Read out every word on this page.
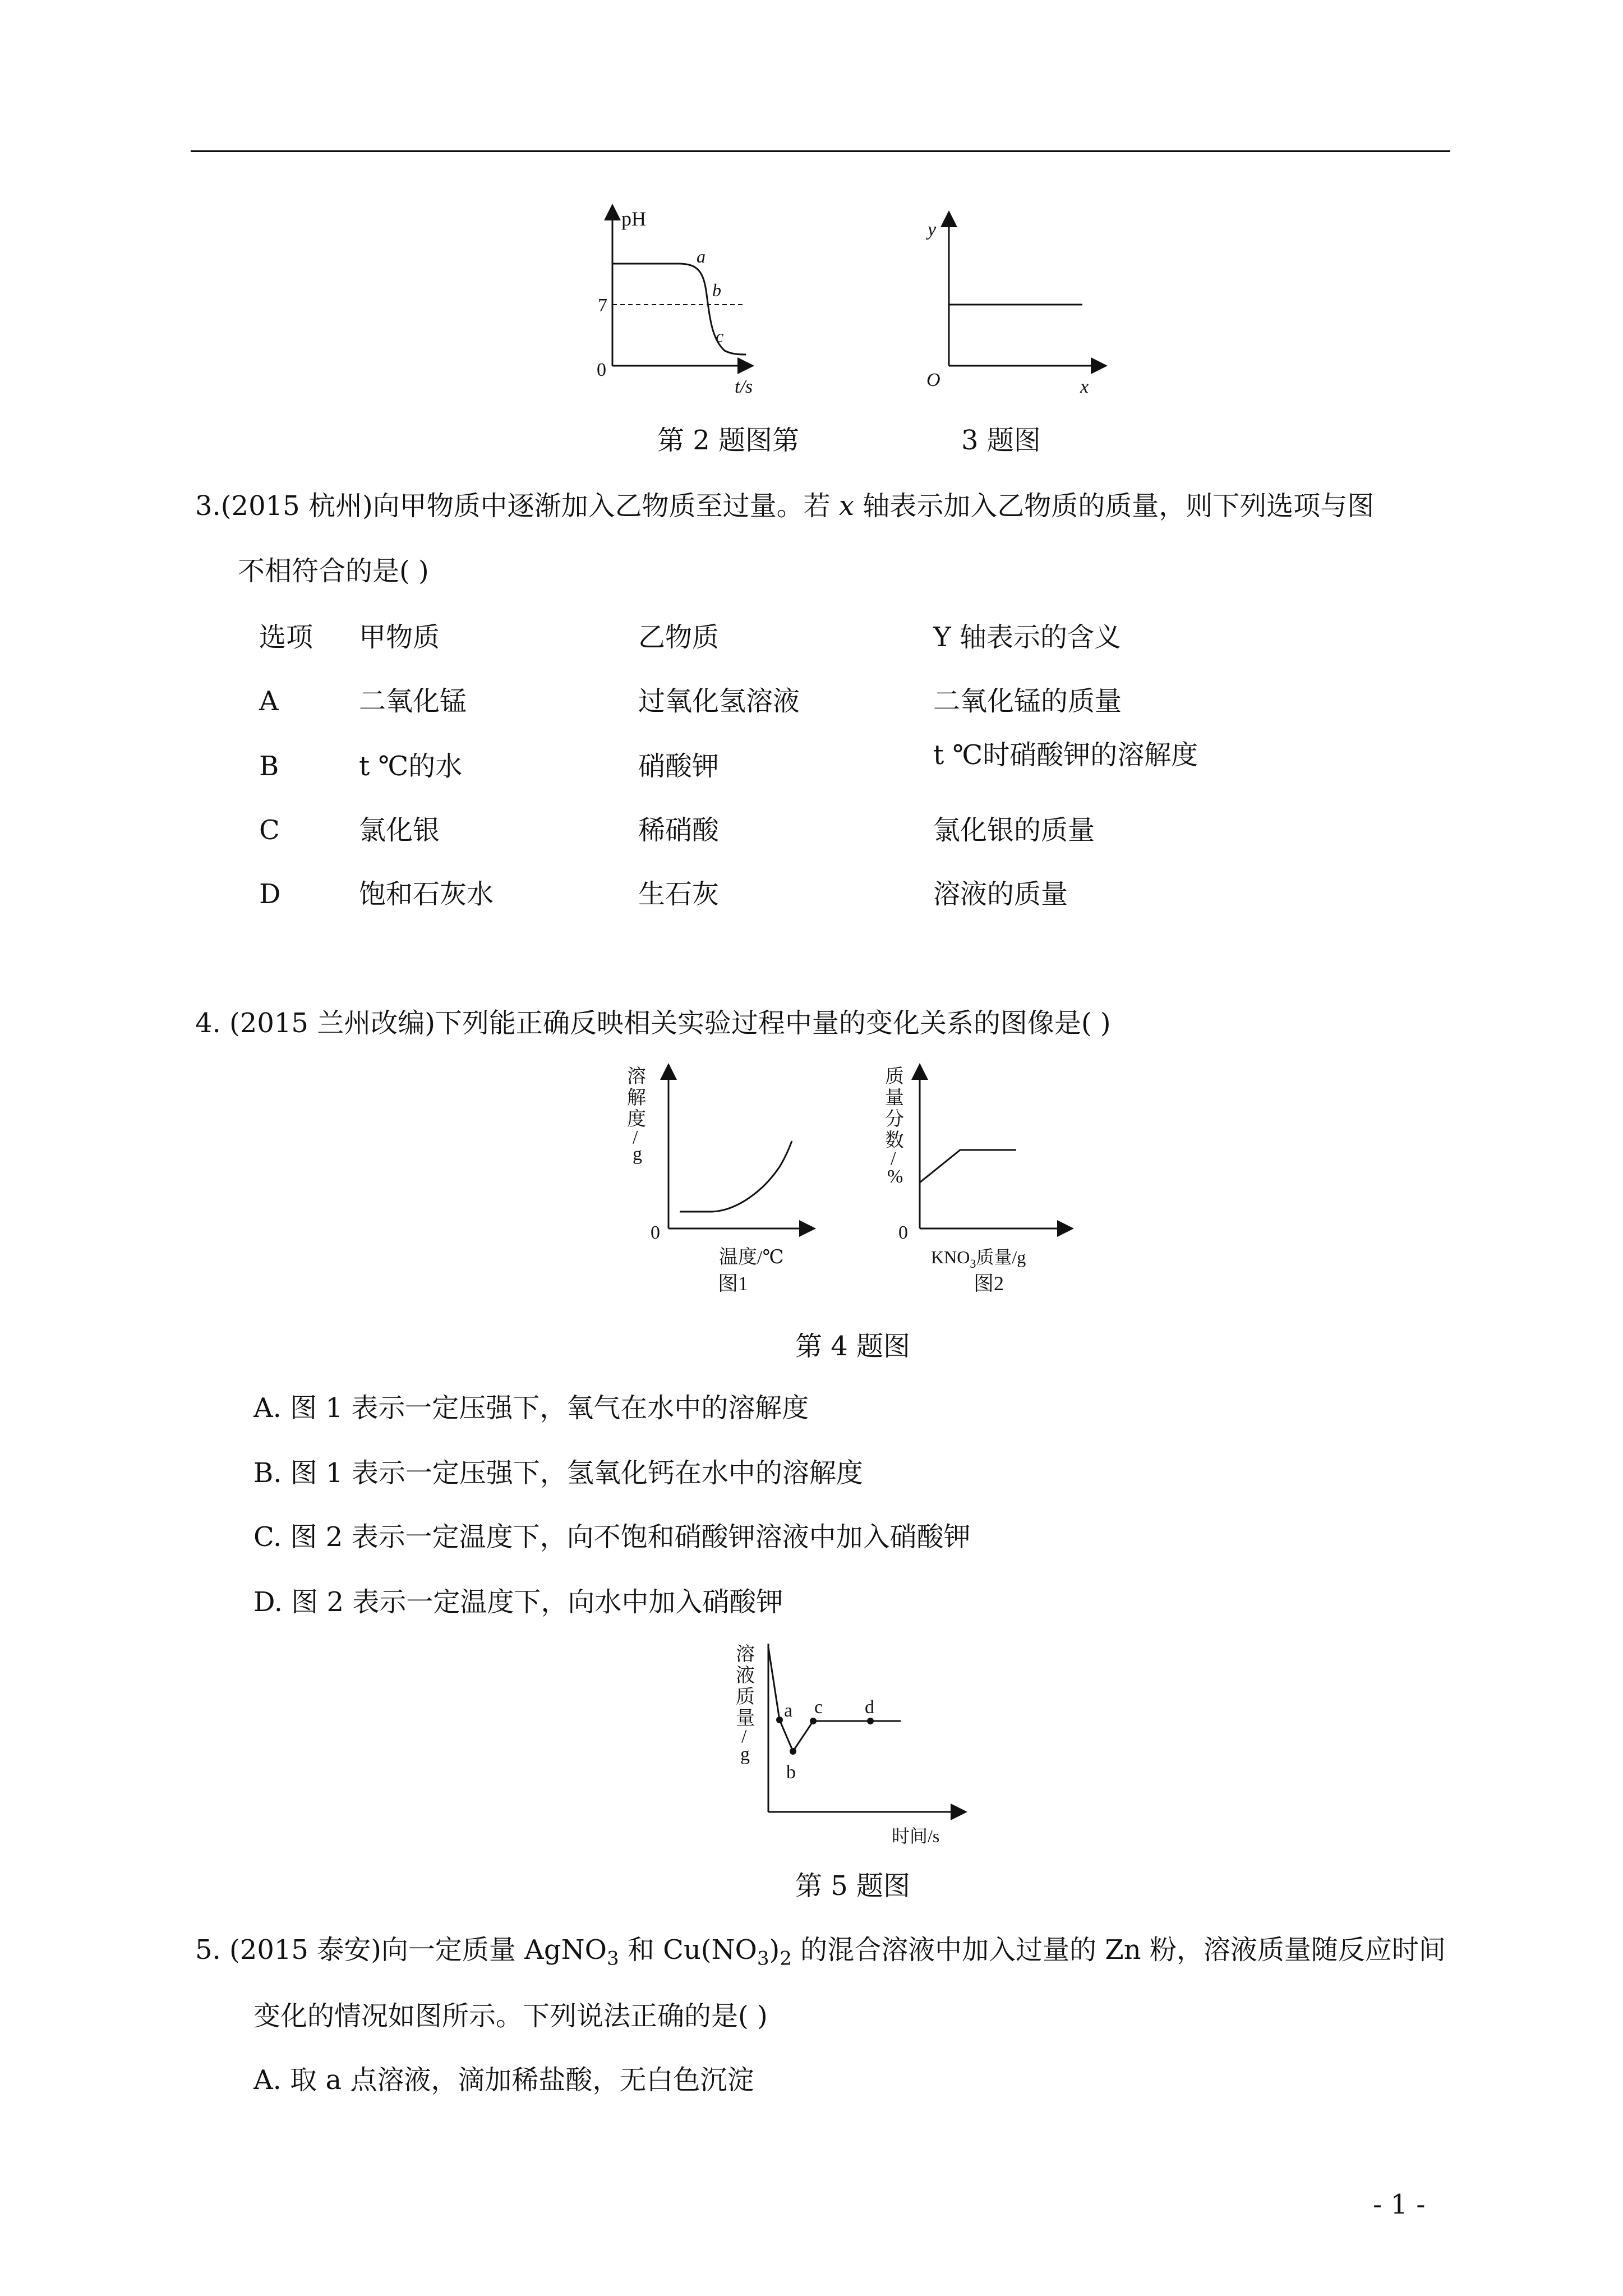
pH
7
0
t/s
a
b
c
y
O	x
第 2 题图第	3 题图
3.(2015 杭州)向甲物质中逐渐加入乙物质至过量。若 x 轴表示加入乙物质的质量，则下列选项与图
不相符合的是( )
选项 甲物质	乙物质	Y 轴表示的含义
A	二氧化锰	过氧化氢溶液	二氧化锰的质量
B	t ℃的水	硝酸钾	t ℃时硝酸钾的溶解度
C	氯化银	稀硝酸	氯化银的质量
D	饱和石灰水	生石灰	溶液的质量
4. (2015 兰州改编)下列能正确反映相关实验过程中量的变化关系的图像是( )
溶
解
度
/
g
0
温度/℃
图1
质
量
分
数
/
%
0
$KNO_3$质量/g
图2
第 4 题图
A. 图 1 表示一定压强下，氧气在水中的溶解度
B. 图 1 表示一定压强下，氢氧化钙在水中的溶解度
C. 图 2 表示一定温度下，向不饱和硝酸钾溶液中加入硝酸钾
D. 图 2 表示一定温度下，向水中加入硝酸钾
溶
液
质
量
/
g
a
b
c d
时间/s
第 5 题图
5. (2015 泰安)向一定质量 AgNO$_3$ 和 $Cu(NO_3)_2$ 的混合溶液中加入过量的 Zn 粉，溶液质量随反应时间
变化的情况如图所示。下列说法正确的是( )
A. 取 a 点溶液，滴加稀盐酸，无白色沉淀
- 1 -
